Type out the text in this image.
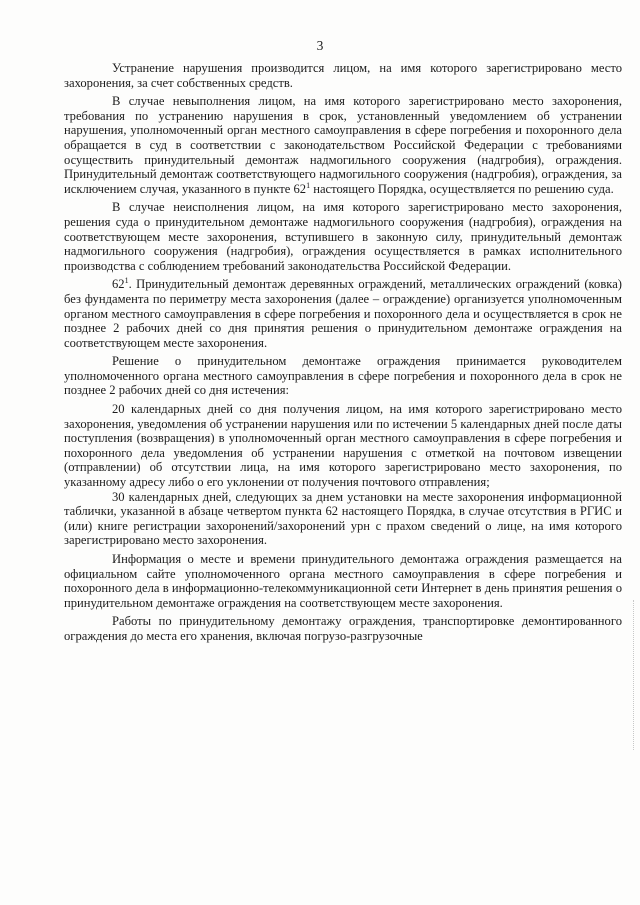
3

Устранение нарушения производится лицом, на имя которого зарегистрировано место захоронения, за счет собственных средств.

В случае невыполнения лицом, на имя которого зарегистрировано место захоронения, требования по устранению нарушения в срок, установленный уведомлением об устранении нарушения, уполномоченный орган местного самоуправления в сфере погребения и похоронного дела обращается в суд в соответствии с законодательством Российской Федерации с требованиями осуществить принудительный демонтаж надмогильного сооружения (надгробия), ограждения. Принудительный демонтаж соответствующего надмогильного сооружения (надгробия), ограждения, за исключением случая, указанного в пункте $62^1$ настоящего Порядка, осуществляется по решению суда.

В случае неисполнения лицом, на имя которого зарегистрировано место захоронения, решения суда о принудительном демонтаже надмогильного сооружения (надгробия), ограждения на соответствующем месте захоронения, вступившего в законную силу, принудительный демонтаж надмогильного сооружения (надгробия), ограждения осуществляется в рамках исполнительного производства с соблюдением требований законодательства Российской Федерации.

$62^1$. Принудительный демонтаж деревянных ограждений, металлических ограждений (ковка) без фундамента по периметру места захоронения (далее – ограждение) организуется уполномоченным органом местного самоуправления в сфере погребения и похоронного дела и осуществляется в срок не позднее 2 рабочих дней со дня принятия решения о принудительном демонтаже ограждения на соответствующем месте захоронения.

Решение о принудительном демонтаже ограждения принимается руководителем уполномоченного органа местного самоуправления в сфере погребения и похоронного дела в срок не позднее 2 рабочих дней со дня истечения:

20 календарных дней со дня получения лицом, на имя которого зарегистрировано место захоронения, уведомления об устранении нарушения или по истечении 5 календарных дней после даты поступления (возвращения) в уполномоченный орган местного самоуправления в сфере погребения и похоронного дела уведомления об устранении нарушения с отметкой на почтовом извещении (отправлении) об отсутствии лица, на имя которого зарегистрировано место захоронения, по указанному адресу либо о его уклонении от получения почтового отправления;

30 календарных дней, следующих за днем установки на месте захоронения информационной таблички, указанной в абзаце четвертом пункта 62 настоящего Порядка, в случае отсутствия в РГИС и (или) книге регистрации захоронений/захоронений урн с прахом сведений о лице, на имя которого зарегистрировано место захоронения.

Информация о месте и времени принудительного демонтажа ограждения размещается на официальном сайте уполномоченного органа местного самоуправления в сфере погребения и похоронного дела в информационно-телекоммуникационной сети Интернет в день принятия решения о принудительном демонтаже ограждения на соответствующем месте захоронения.

Работы по принудительному демонтажу ограждения, транспортировке демонтированного ограждения до места его хранения, включая погрузо-разгрузочные
